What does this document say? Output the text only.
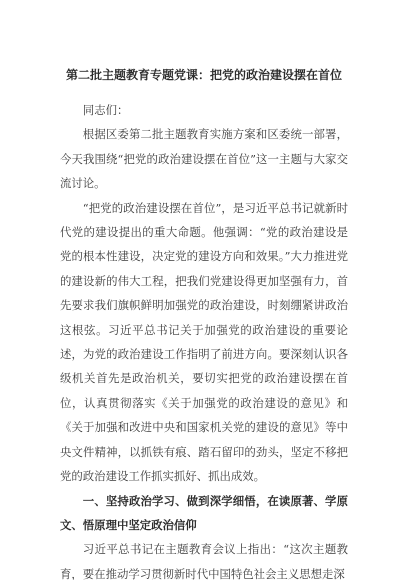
第二批主题教育专题党课：把党的政治建设摆在首位

同志们：

根据区委第二批主题教育实施方案和区委统一部署，今天我围绕“把党的政治建设摆在首位”这一主题与大家交流讨论。

“把党的政治建设摆在首位”，是习近平总书记就新时代党的建设提出的重大命题。他强调：“党的政治建设是党的根本性建设，决定党的建设方向和效果。”大力推进党的建设新的伟大工程，把我们党建设得更加坚强有力，首先要求我们旗帜鲜明加强党的政治建设，时刻绷紧讲政治这根弦。习近平总书记关于加强党的政治建设的重要论述，为党的政治建设工作指明了前进方向。要深刻认识各级机关首先是政治机关，要切实把党的政治建设摆在首位，认真贯彻落实《关于加强党的政治建设的意见》和《关于加强和改进中央和国家机关党的建设的意见》等中央文件精神，以抓铁有痕、踏石留印的劲头，坚定不移把党的政治建设工作抓实抓好、抓出成效。

一、坚持政治学习、做到深学细悟，在读原著、学原文、悟原理中坚定政治信仰

习近平总书记在主题教育会议上指出：“这次主题教育，要在推动学习贯彻新时代中国特色社会主义思想走深
